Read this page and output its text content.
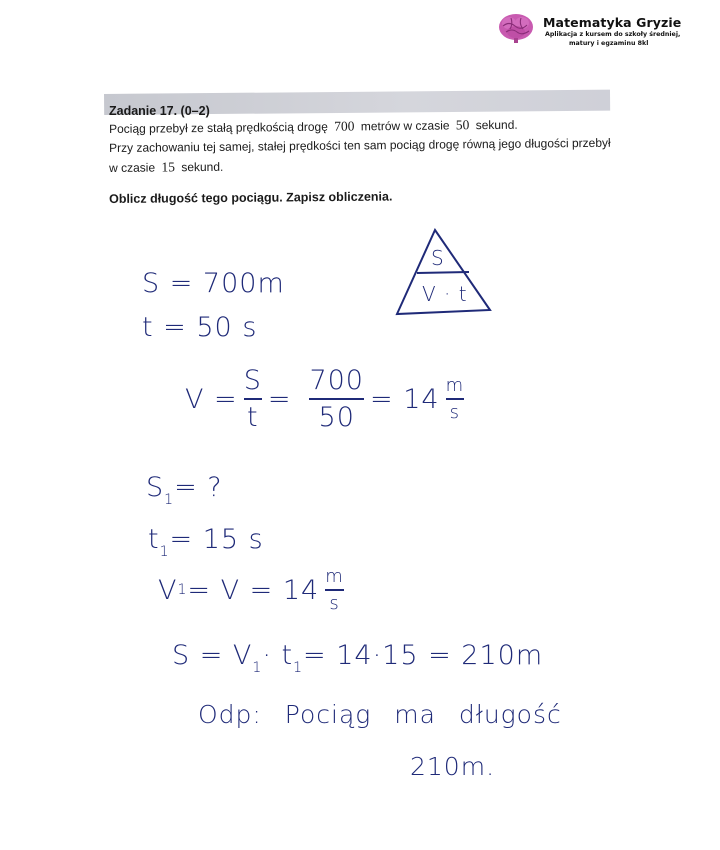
Matematyka Gryzie
Aplikacja z kursem do szkoły średniej,
matury i egzaminu 8kl
Zadanie 17. (0–2)
Pociąg przebył ze stałą prędkością drogę 700 metrów w czasie 50 sekund.
Przy zachowaniu tej samej, stałej prędkości ten sam pociąg drogę równą jego długości przebył
w czasie 15 sekund.
Oblicz długość tego pociągu. Zapisz obliczenia.
S = 700m
t = 50 s
S
V · t
$V = \frac{S}{t} = \frac{700}{50} = 14 \frac{m}{s}$
$S_1=$ ?
$t_1= 15$ s
V $1 = V = 14 \frac{m}{s}$
$S = V_1\cdot t_1= 14\cdot 15 = 210m$
Odp: Pociąg ma długość
210m.
